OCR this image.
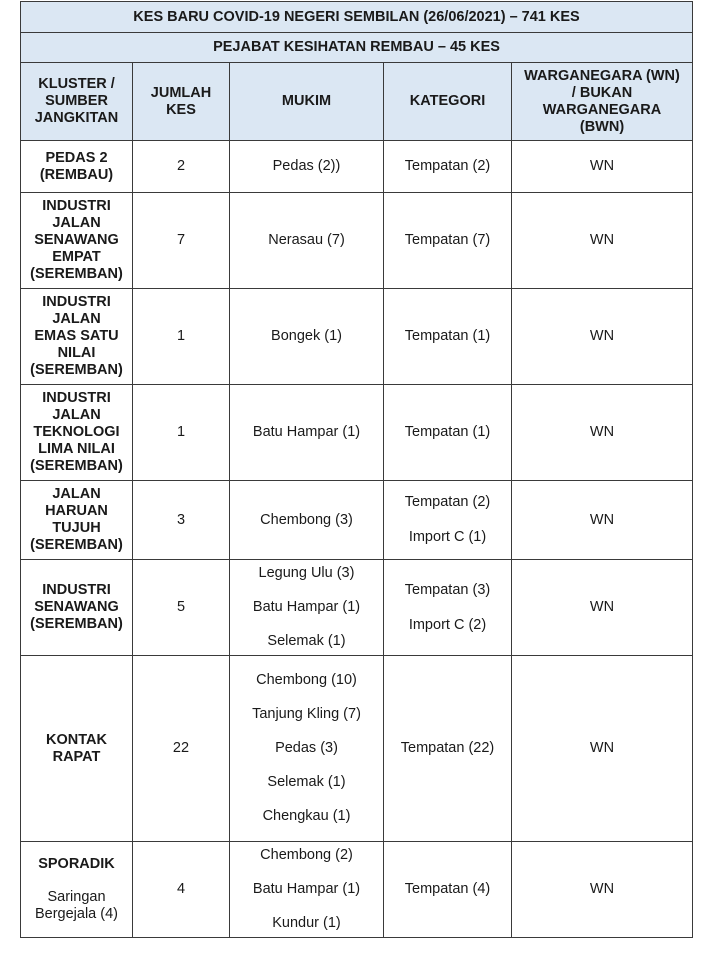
KES BARU COVID-19 NEGERI SEMBILAN (26/06/2021) – 741 KES				
PEJABAT KESIHATAN REMBAU – 45 KES				

KLUSTER /
SUMBER
JANGKITAN	JUMLAH
KES	MUKIM	KATEGORI	WARGANEGARA (WN)
/ BUKAN
WARGANEGARA
(BWN)

PEDAS 2
(REMBAU)	2	Pedas (2))	Tempatan (2)	WN

INDUSTRI
JALAN
SENAWANG
EMPAT
(SEREMBAN)	7	Nerasau (7)	Tempatan (7)	WN

INDUSTRI
JALAN
EMAS SATU
NILAI
(SEREMBAN)	1	Bongek (1)	Tempatan (1)	WN

INDUSTRI
JALAN
TEKNOLOGI
LIMA NILAI
(SEREMBAN)	1	Batu Hampar (1)	Tempatan (1)	WN

JALAN
HARUAN
TUJUH
(SEREMBAN)	3	Chembong (3)	Tempatan (2)
Import C (1)	WN

INDUSTRI
SENAWANG
(SEREMBAN)	5	Legung Ulu (3)
Batu Hampar (1)
Selemak (1)	Tempatan (3)
Import C (2)	WN

KONTAK
RAPAT	22	Chembong (10)
Tanjung Kling (7)
Pedas (3)
Selemak (1)
Chengkau (1)	Tempatan (22)	WN

SPORADIK
Saringan
Bergejala (4)	4	Chembong (2)
Batu Hampar (1)
Kundur (1)	Tempatan (4)	WN
